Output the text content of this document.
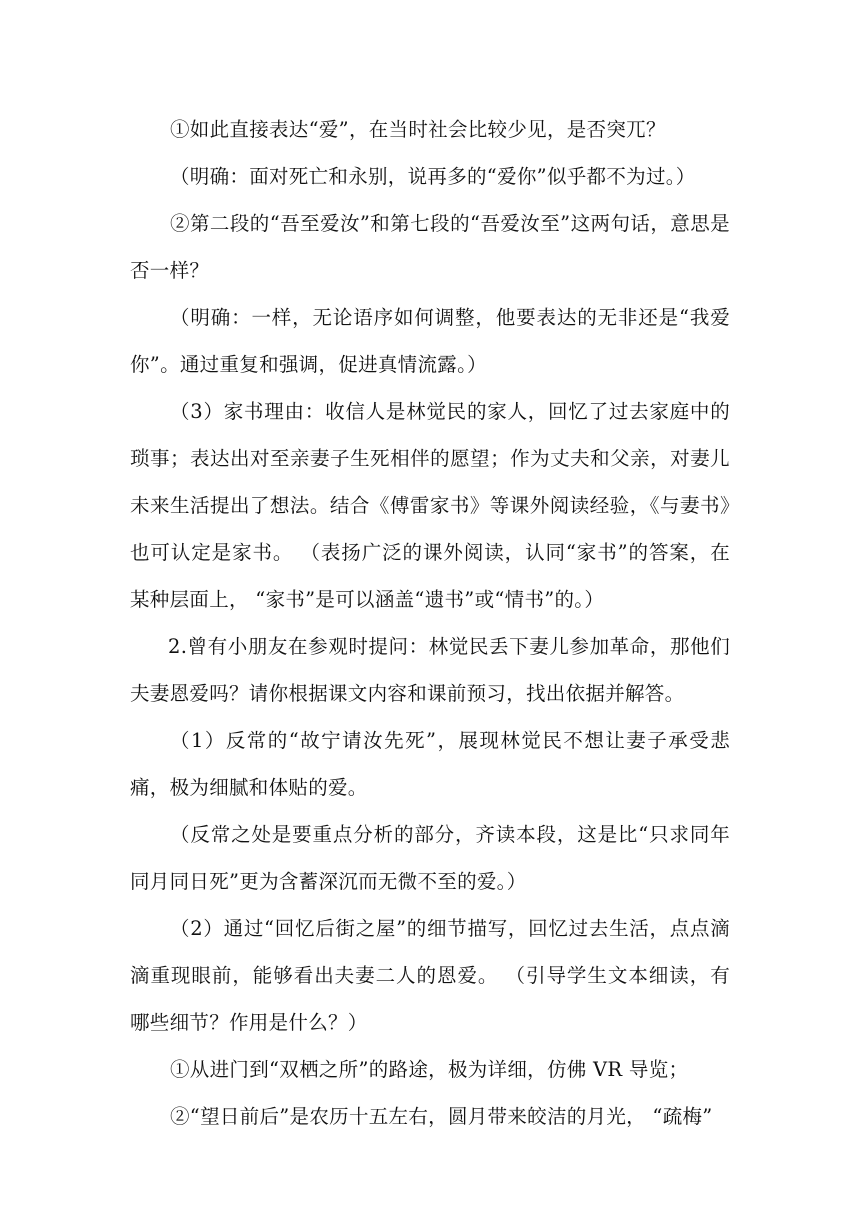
①如此直接表达“爱”，在当时社会比较少见，是否突兀？

（明确：面对死亡和永别，说再多的“爱你”似乎都不为过。）

②第二段的“吾至爱汝”和第七段的“吾爱汝至”这两句话，意思是否一样？

（明确：一样，无论语序如何调整，他要表达的无非还是“我爱你”。通过重复和强调，促进真情流露。）

（3）家书理由：收信人是林觉民的家人，回忆了过去家庭中的琐事；表达出对至亲妻子生死相伴的愿望；作为丈夫和父亲，对妻儿未来生活提出了想法。结合《傅雷家书》等课外阅读经验，《与妻书》也可认定是家书。 （表扬广泛的课外阅读，认同“家书”的答案，在某种层面上， “家书”是可以涵盖“遗书”或“情书”的。）

2.曾有小朋友在参观时提问：林觉民丢下妻儿参加革命，那他们夫妻恩爱吗？请你根据课文内容和课前预习，找出依据并解答。

（1）反常的“故宁请汝先死”，展现林觉民不想让妻子承受悲痛，极为细腻和体贴的爱。

（反常之处是要重点分析的部分，齐读本段，这是比“只求同年同月同日死”更为含蓄深沉而无微不至的爱。）

（2）通过“回忆后街之屋”的细节描写，回忆过去生活，点点滴滴重现眼前，能够看出夫妻二人的恩爱。 （引导学生文本细读，有哪些细节？作用是什么？）

①从进门到“双栖之所”的路途，极为详细，仿佛 VR 导览；

②“望日前后”是农历十五左右，圆月带来皎洁的月光， “疏梅”
